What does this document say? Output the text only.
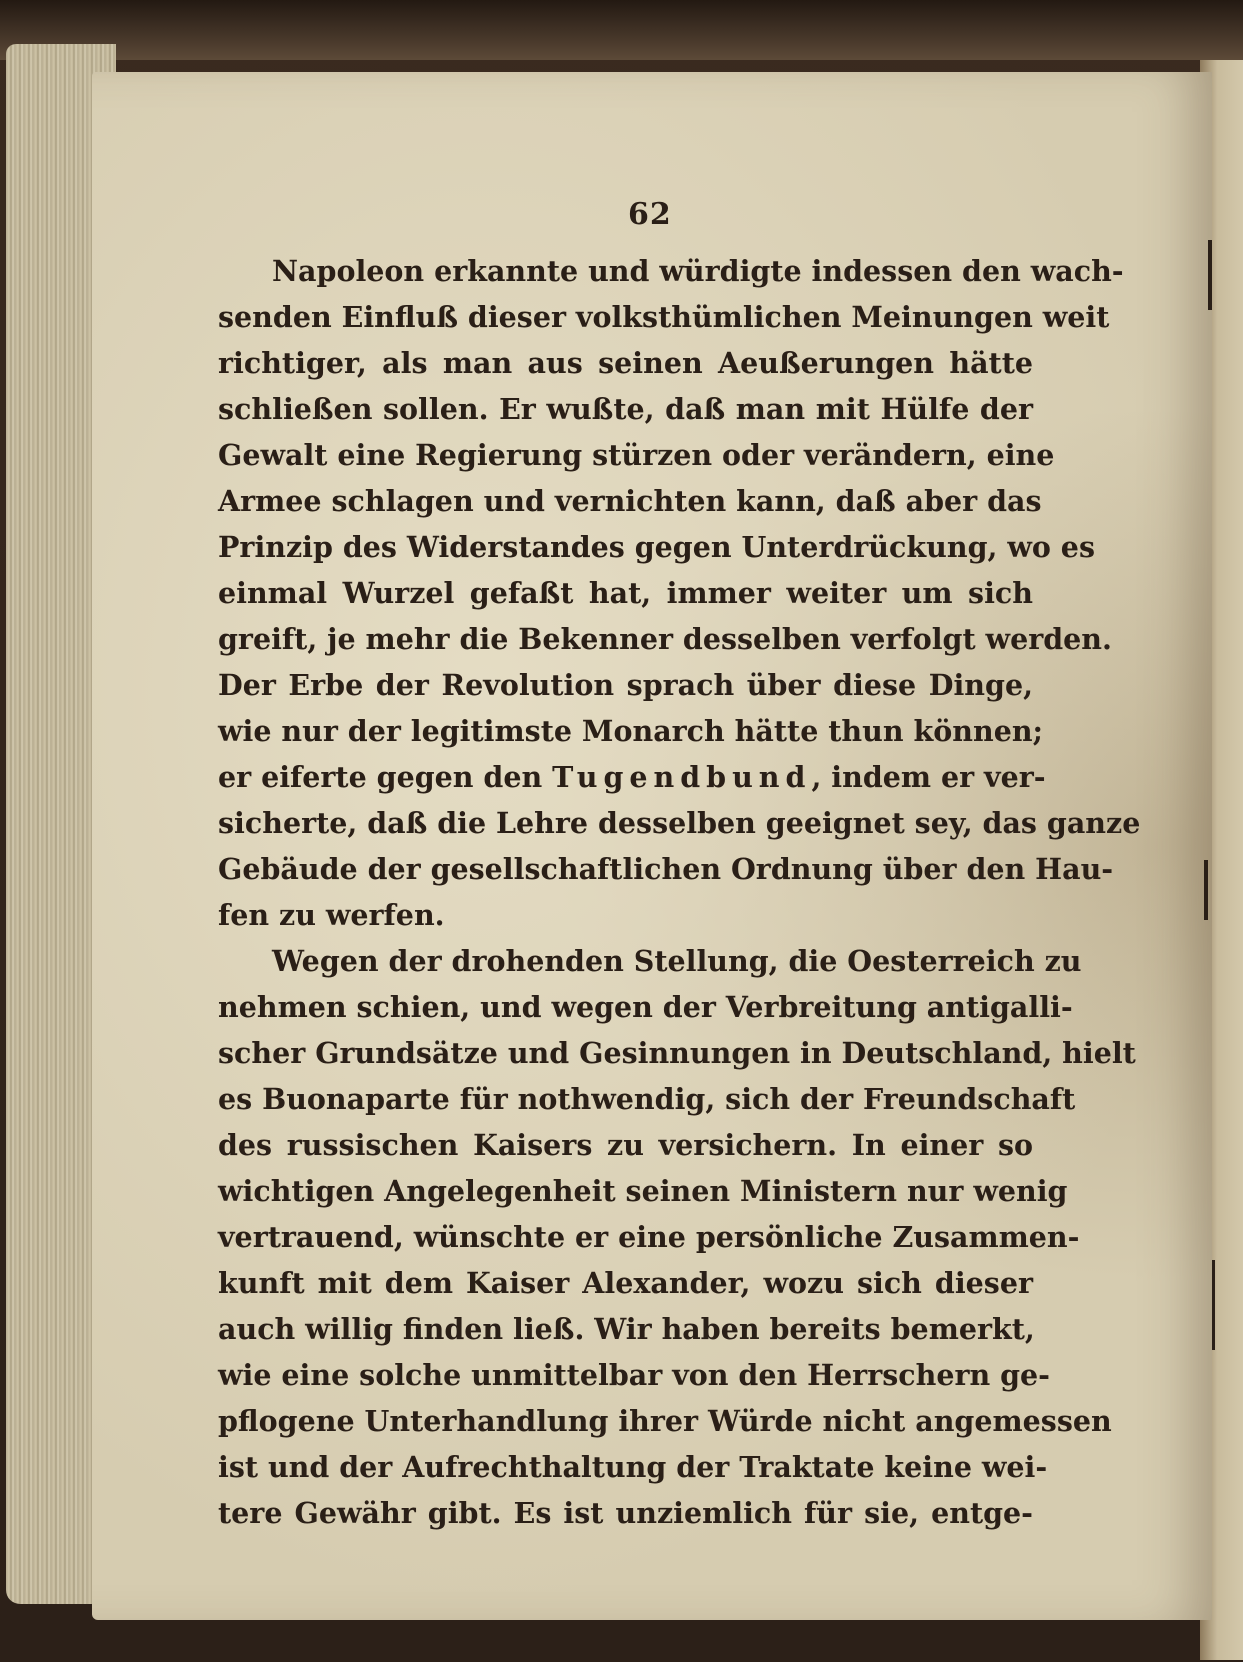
62
Napoleon erkannte und würdigte indessen den wach-
senden Einfluß dieser volksthümlichen Meinungen weit
richtiger, als man aus seinen Aeußerungen hätte
schließen sollen. Er wußte, daß man mit Hülfe der
Gewalt eine Regierung stürzen oder verändern, eine
Armee schlagen und vernichten kann, daß aber das
Prinzip des Widerstandes gegen Unterdrückung, wo es
einmal Wurzel gefaßt hat, immer weiter um sich
greift, je mehr die Bekenner desselben verfolgt werden.
Der Erbe der Revolution sprach über diese Dinge,
wie nur der legitimste Monarch hätte thun können;
er eiferte gegen den Tugendbund, indem er ver-
sicherte, daß die Lehre desselben geeignet sey, das ganze
Gebäude der gesellschaftlichen Ordnung über den Hau-
fen zu werfen.
Wegen der drohenden Stellung, die Oesterreich zu
nehmen schien, und wegen der Verbreitung antigalli-
scher Grundsätze und Gesinnungen in Deutschland, hielt
es Buonaparte für nothwendig, sich der Freundschaft
des russischen Kaisers zu versichern. In einer so
wichtigen Angelegenheit seinen Ministern nur wenig
vertrauend, wünschte er eine persönliche Zusammen-
kunft mit dem Kaiser Alexander, wozu sich dieser
auch willig finden ließ. Wir haben bereits bemerkt,
wie eine solche unmittelbar von den Herrschern ge-
pflogene Unterhandlung ihrer Würde nicht angemessen
ist und der Aufrechthaltung der Traktate keine wei-
tere Gewähr gibt. Es ist unziemlich für sie, entge-
